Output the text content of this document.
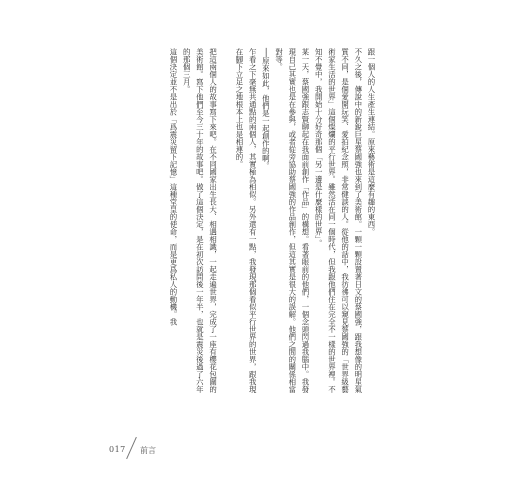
跟一個人的人生產生連結。原來藝術是這麼有趣的東西。

不久之後，傳說中的新銳巨星蔡國強也來到了美術館。一顆一顆設置著日文的蔡國強，跟我想像的明星氣質不同，是個愛開玩笑、愛拍紀念照，非常健談的人。從他的話中，我彷彿可以窺見蔡國強的「世界級藝術家生活的世界」這個燦爛的平行世界。雖然活在同一個時代，但我跟他們住在完全不一樣的世界裡。不知不覺中，我開始十分好奇那個「另一邊是什麼樣的世界」。

某一天，蔡國強跟志賢聊起在我面前創作「作品」的構想。看著眼前的他們，一個念頭閃過我腦中。我發現自己其實也是在參與，或者從旁協助蔡國強的作品創作，但這其實是很大的誤解。他們之間的關係相當對等。

──原來如此，他們是一起創作的啊。

乍看之下毫無共通點的兩個人，其實極為相似。另外還有一點，我發現那個看似平行世界的世界，跟我現在腳下立足之地根本上也是相連的。

把這兩個人的故事寫下來吧。在不同國家出生長大、相遇相識，一起走遍世界，完成了一座有櫻花包圍的美術館。寫下他們至今三十年的故事吧。做了這個決定，是在初次訪問後一年半，也就是震災後過了六年的那個三月。

這個決定並不是出於「爲震災留下記憶」這種堂皇的使命，而是更爲私人的動機。我

017 前言
